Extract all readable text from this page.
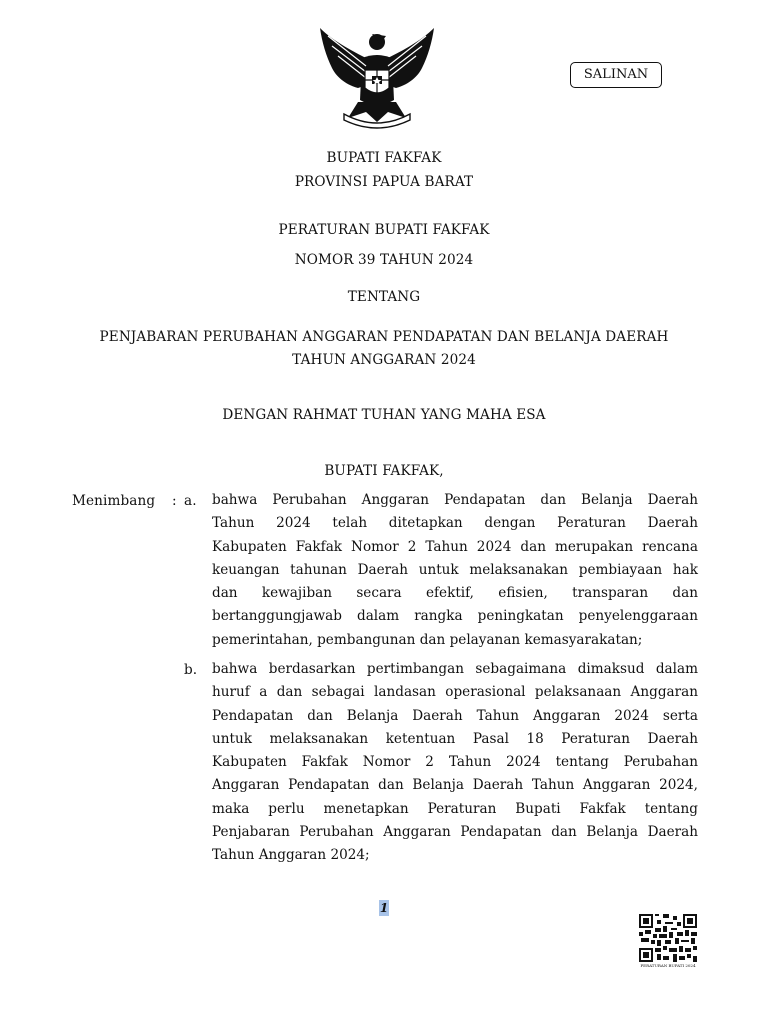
SALINAN
BUPATI FAKFAK
PROVINSI PAPUA BARAT
PERATURAN BUPATI FAKFAK
NOMOR 39 TAHUN 2024
TENTANG
PENJABARAN PERUBAHAN ANGGARAN PENDAPATAN DAN BELANJA DAERAH
TAHUN ANGGARAN 2024
DENGAN RAHMAT TUHAN YANG MAHA ESA
BUPATI FAKFAK,
Menimbang : a. bahwa Perubahan Anggaran Pendapatan dan Belanja Daerah

Tahun 2024 telah ditetapkan dengan Peraturan Daerah

Kabupaten Fakfak Nomor 2 Tahun 2024 dan merupakan rencana

keuangan tahunan Daerah untuk melaksanakan pembiayaan hak

dan kewajiban secara efektif, efisien, transparan dan

bertanggungjawab dalam rangka peningkatan penyelenggaraan

pemerintahan, pembangunan dan pelayanan kemasyarakatan;

b. bahwa berdasarkan pertimbangan sebagaimana dimaksud dalam

huruf a dan sebagai landasan operasional pelaksanaan Anggaran

Pendapatan dan Belanja Daerah Tahun Anggaran 2024 serta

untuk melaksanakan ketentuan Pasal 18 Peraturan Daerah

Kabupaten Fakfak Nomor 2 Tahun 2024 tentang Perubahan

Anggaran Pendapatan dan Belanja Daerah Tahun Anggaran 2024,

maka perlu menetapkan Peraturan Bupati Fakfak tentang

Penjabaran Perubahan Anggaran Pendapatan dan Belanja Daerah

Tahun Anggaran 2024;

1
PERATURAN BUPATI 2024
